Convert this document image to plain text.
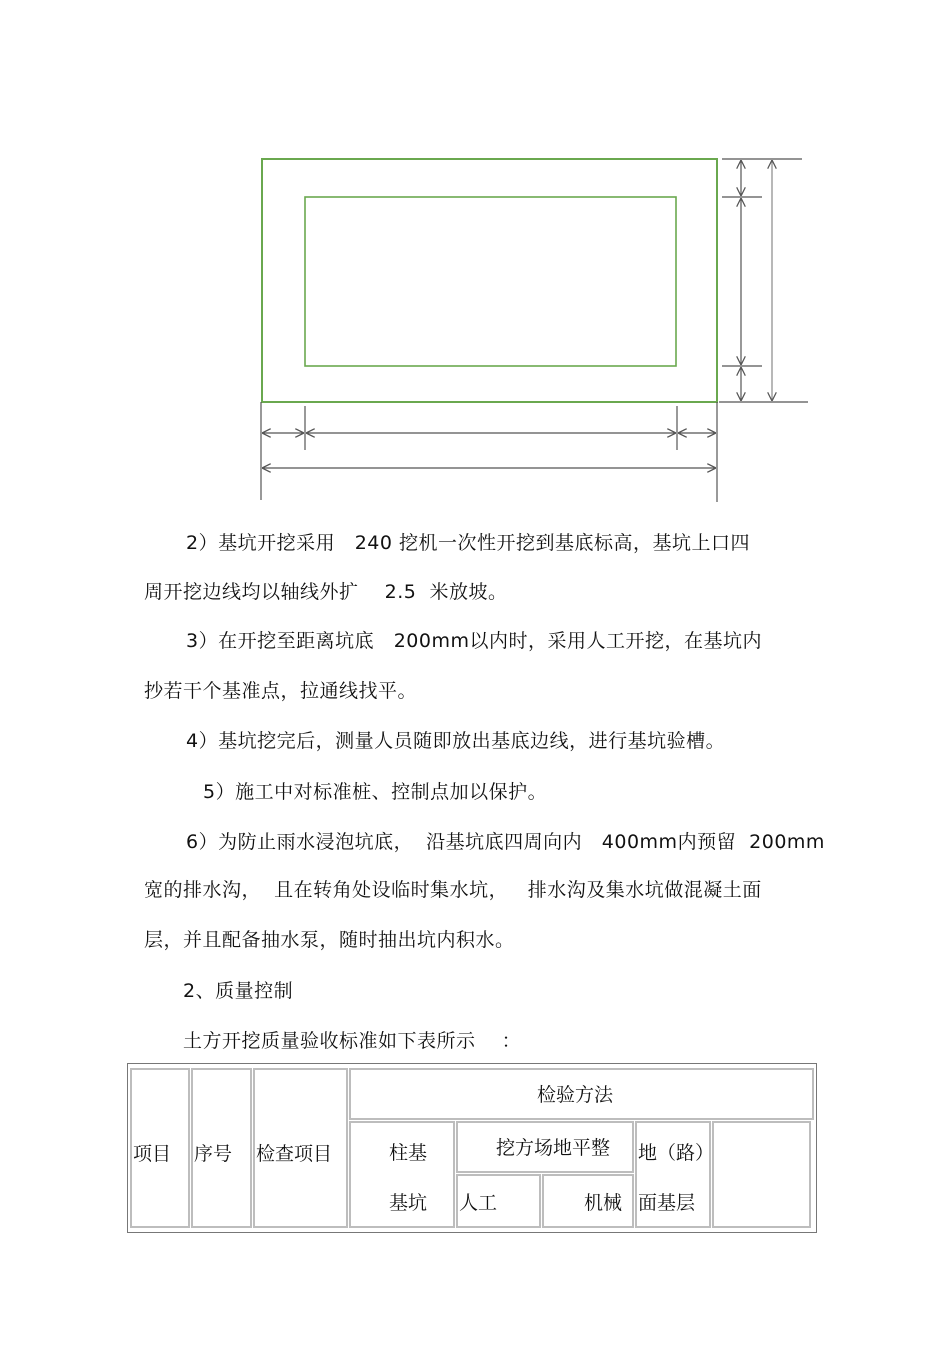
2）基坑开挖采用   240 挖机一次性开挖到基底标高，基坑上口四

周开挖边线均以轴线外扩    2.5  米放坡。

3）在开挖至距离坑底   200mm以内时，采用人工开挖，在基坑内

抄若干个基准点，拉通线找平。

4）基坑挖完后，测量人员随即放出基底边线，进行基坑验槽。

5）施工中对标准桩、控制点加以保护。

6）为防止雨水浸泡坑底，  沿基坑底四周向内   400mm内预留  200mm

宽的排水沟，  且在转角处设临时集水坑，   排水沟及集水坑做混凝土面

层，并且配备抽水泵，随时抽出坑内积水。

2、质量控制

土方开挖质量验收标准如下表所示    ：

项目 序号 检查项目
检验方法
柱基
基坑
挖方场地平整
人工	机械
地（路）
面基层
